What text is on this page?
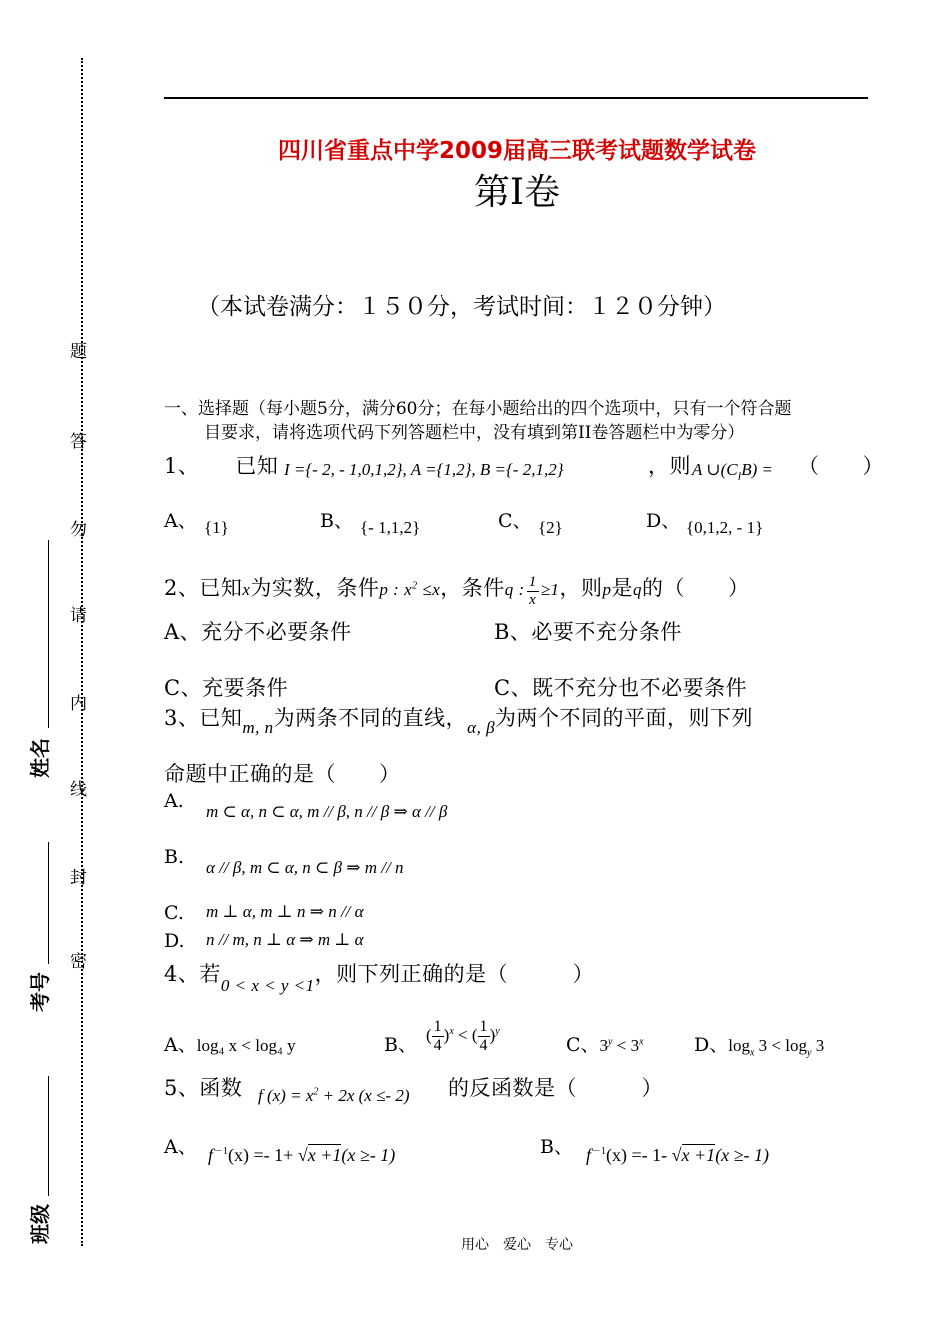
题
答
勿
请
内
线
封
密
姓名
考号
班级
四川省重点中学2009届高三联考试题数学试卷
第I卷
（本试卷满分：１５０分，考试时间：１２０分钟）
一、选择题（每小题5分，满分60分；在每小题给出的四个选项中，只有一个符合题
目要求，请将选项代码下列答题栏中，没有填到第II卷答题栏中为零分）
1、 已知 I ={- 2, - 1,0,1,2}, A ={1,2}, B ={- 2,1,2}	，则 A $\cup(C_IB)$ = （　　）
A、 {1}	B、 {- 1,1,2}	C、 {2}	D、 {0,1,2, - 1}
2、已知x为实数，条件p : $x^2 \le x$，条件q : $\frac{1}{x} \ge 1$，则p是q的（　　）
A、充分不必要条件	B、必要不充分条件
C、充要条件	C、既不充分也不必要条件
3、已知$_{m, n}$为两条不同的直线，$_{\alpha, \beta}$为两个不同的平面，则下列
命题中正确的是（　　）
A. m ⊂ α, n ⊂ α, m // β, n // β ⇒ α // β
B. α // β, m ⊂ α, n ⊂ β ⇒ m // n
C. m ⊥ α, m ⊥ n ⇒ n // α
D. n // m, n ⊥ α ⇒ m ⊥ α
4、若$_{0 < x < y <1}$，则下列正确的是（　　　）
A、log₄ x < log₄ y	B、 ( $\frac{1}{4} )^x$ < ( $\frac{1}{4} )^y$
C、$3^y < 3^x$	D、$\log_x 3 < \log_y 3$
5、函数 f $(x) = x^2 + 2x$ (x ≤- 2) 的反函数是（　　　）
A、 $f^{-1}(x) =- 1+ √x +1(x \ge- 1)$	B、 $f^{-1}(x) =- 1-$ √x +1(x ≥- 1)
用心　爱心　专心
